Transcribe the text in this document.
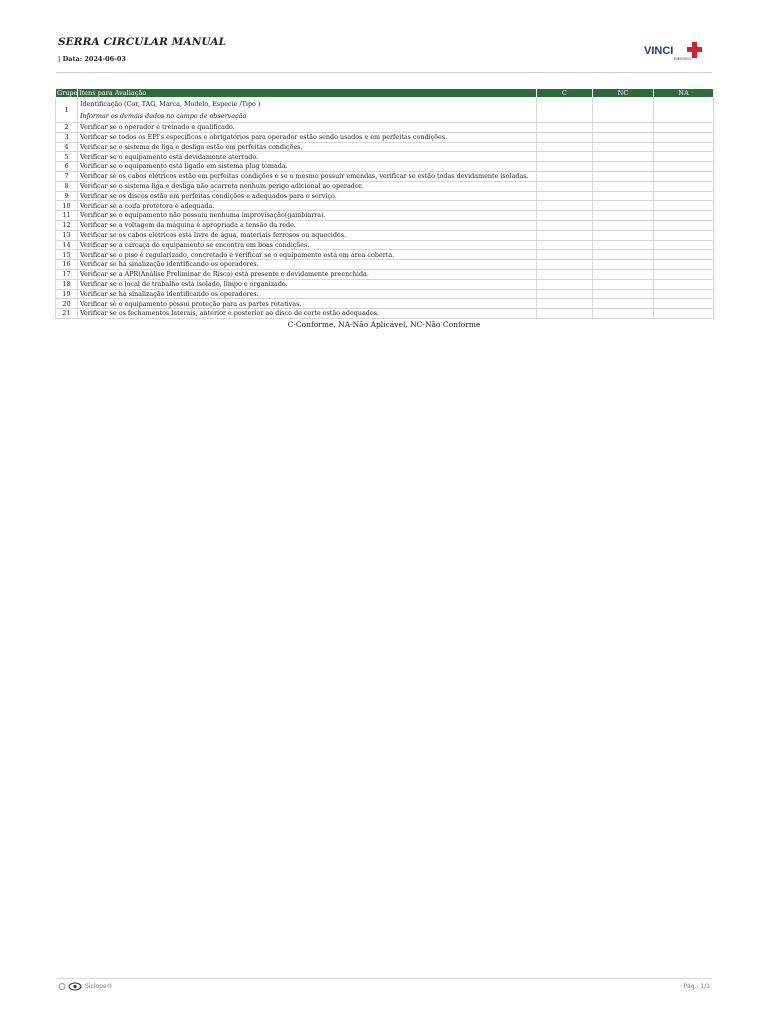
SERRA CIRCULAR MANUAL
| Data: 2024-06-03
VINCI
ENERGIES
Grupo	Itens para Avaliação	C	NC	NA
1	Identificação (Cor, TAG, Marca, Modelo, Especie /Tipo )
Informar os demais dados no campo de observação			

2	Verificar se o operador é treinado e qualificado.			
3	Verificar se todos os EPI's específicos e obrigatórios para operador estão sendo usados e em perfeitas condições.			
4	Verificar se o sistema de liga e desliga estão em perfeitas condições.			
5	Verificar se o equipamento está devidamente aterrado.			
6	Verificar se o equipamento está ligado em sistema plug tomada.			
7	Verificar se os cabos elétricos estão em perfeitas condições e se o mesmo possuir emendas, verificar se estão todas devidamente isoladas.			
8	Verificar se o sistema liga e desliga não acarreta nenhum perigo adicional ao operador.			
9	Verificar se os discos estão em perfeitas condições e adequados para o serviço.			
10	Verificar se a coifa protetora é adequada.			
11	Verificar se o equipamento não possuiu nenhuma improvisação(gambiarra).			
12	Verificar se a voltagem da máquina é apropriada a tensão da rede.			
13	Verificar se os cabos elétricos está livre de água, materiais ferrosos ou aquecidos.			
14	Verificar se a carcaça do equipamento se encontra em boas condições.			
15	Verificar se o piso é regularizado, concretado e verificar se o equipamento está em área coberta.			
16	Verificar se há sinalização identificando os operadores.			
17	Verificar se a APR(Análise Preliminar de Risco) está presente e devidamente preenchida.			
18	Verificar se o local de trabalho está isolado, limpo e organizado.			
19	Verificar se há sinalização identificando os operadores.			
20	Verificar se o equipamento possui proteção para as partes rotativas.			
21	Verificar se os fechamentos laterais, anterior e posterior ao disco de corte estão adequados.			
C-Conforme, NA-Não Aplicável, NC-Não Conforme
Siclope®	Pág.: 1/1
